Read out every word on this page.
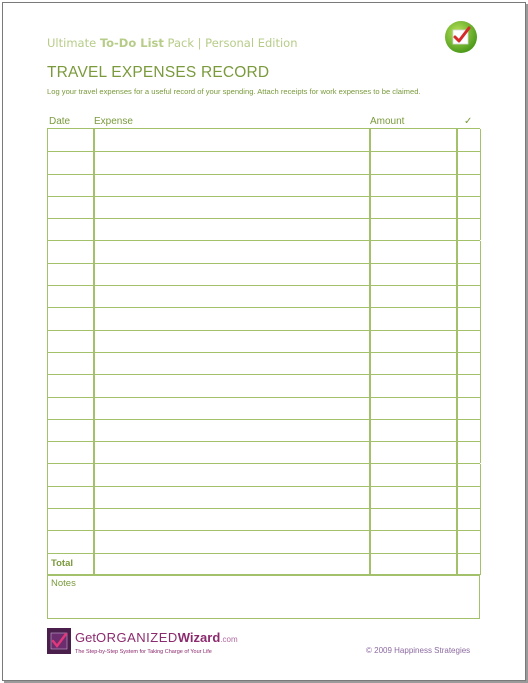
Ultimate To-Do List Pack | Personal Edition
TRAVEL EXPENSES RECORD
Log your travel expenses for a useful record of your spending. Attach receipts for work expenses to be claimed.
Date Expense	Amount	✓
Total
Notes
GetORGANIZEDWizard.com
The Step-by-Step System for Taking Charge of Your Life	© 2009 Happiness Strategies
